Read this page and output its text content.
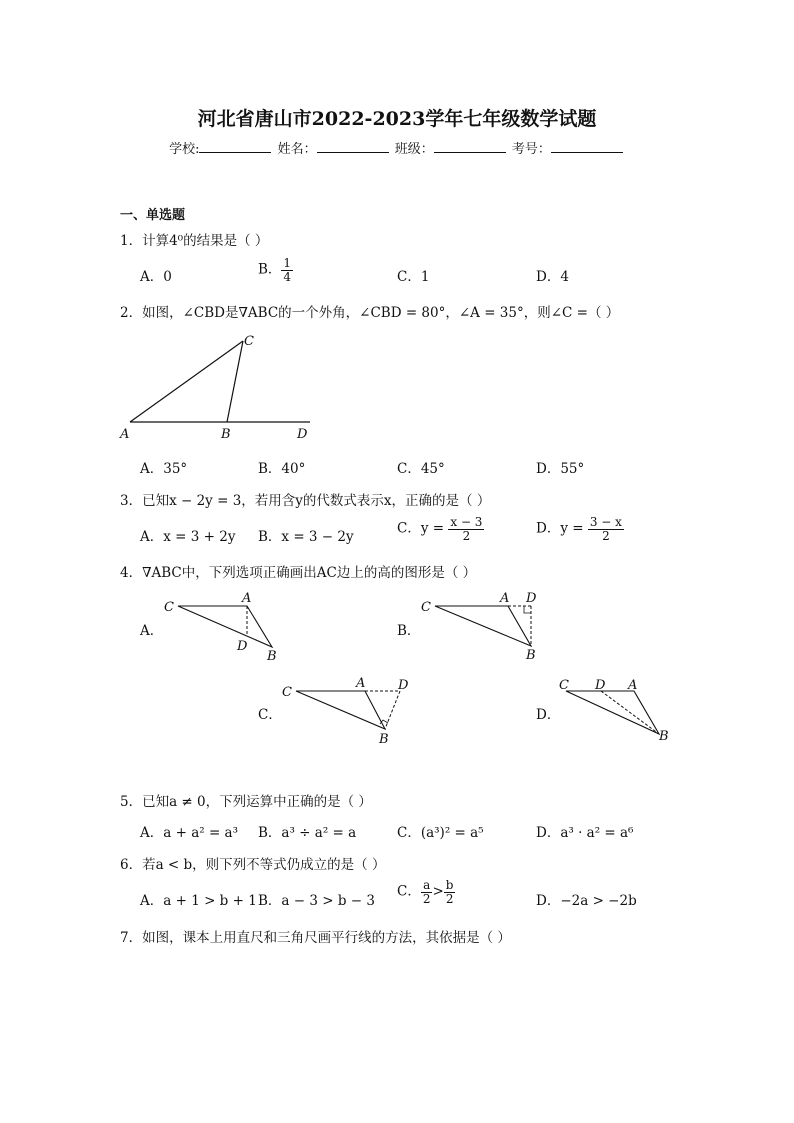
河北省唐山市2022-2023学年七年级数学试题
学校:	姓名：	班级：	考号：
一、单选题
1．计算4⁰的结果是（ ）
A．0	B． $\frac{1}{4}$	C．1	D．4
2．如图，∠CBD是∇ABC的一个外角，∠CBD = 80°，∠A = 35°，则∠C =（ ）
A	B
C
D
A．35°	B．40°	C．45°	D．55°
3．已知x − 2y = 3，若用含y的代数式表示x，正确的是（ ）
A．x = 3 + 2y B．x = 3 − 2y
C．$y = \frac{x - 3}{2}$	D．$y = \frac{3 - x}{2}$
4．∇ABC中，下列选项正确画出AC边上的高的图形是（ ）
A．
C
A
D
B
B．
C
A D
B
C．
C
A	D
B
D．
C D A
B
5．已知a ≠ 0，下列运算中正确的是（ ）
A．a + a² = a³ B．a³ ÷ a² = a	C．(a³)² = a⁵	D．a³ · a² = a⁶
6．若a < b，则下列不等式仍成立的是（ ）
A．a + 1 > b + 1 B．a − 3 > b − 3
C． $\frac{a}{2} > \frac{b}{2}$	D．−2a > −2b
7．如图，课本上用直尺和三角尺画平行线的方法，其依据是（ ）
